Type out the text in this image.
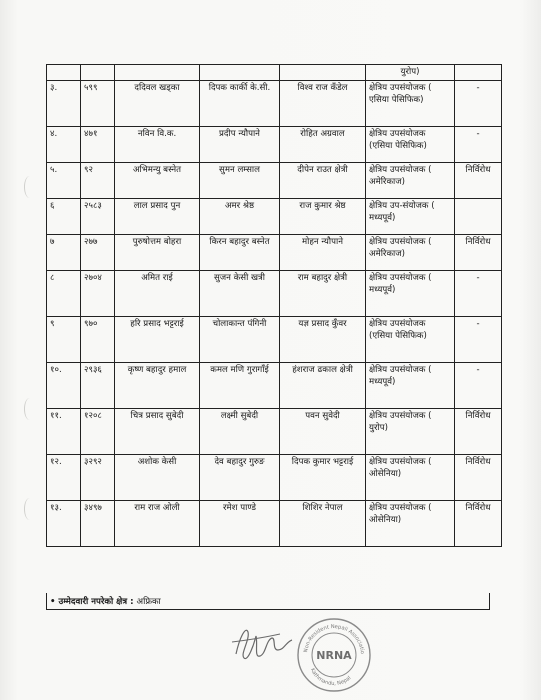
					युरोप)	
३.	५९९	ददिवल खड्का	दिपक कार्की के.सी.	विश्व राज कँडेल	क्षेत्रिय उपसंयोजक ( एसिया पेसिफिक)	-
४.	४७१	नविन वि.क.	प्रदीप न्यौपाने	रोहित अग्रवाल	क्षेत्रिय उपसंयोजक (एसिया पेसिफिक)	-
५.	९२	अभिमन्यु बस्नेत	सुमन लम्साल	दीपेन राउत क्षेत्री	क्षेत्रिय उपसंयोजक ( अमेरिकाज)	निर्विरोध
६	२५८३	लाल प्रसाद पुन	अमर श्रेष्ठ	राज कुमार श्रेष्ठ	क्षेत्रिय उप-संयोजक ( मध्यपूर्व)	
७	२७७	पुरुषोत्तम बोहरा	किरन बहादुर बस्नेत	मोहन न्यौपाने	क्षेत्रिय उपसंयोजक ( अमेरिकाज)	निर्विरोध
८	२७०४	अमित राई	सुजन केसी खत्री	राम बहादुर क्षेत्री	क्षेत्रिय उपसंयोजक ( मध्यपूर्व)	-
९	९७०	हरि प्रसाद भट्टराई	चोलाकान्त पंगिनी	यज्ञ प्रसाद कुँवर	क्षेत्रिय उपसंयोजक (एसिया पेसिफिक)	-
१०.	२९३६	कृष्ण बहादुर हमाल	कमल मणि गुरागाँई	हंशराज ढकाल क्षेत्री	क्षेत्रिय उपसंयोजक ( मध्यपूर्व)	-
११.	१२०८	चित्र प्रसाद सुबेदी	लक्ष्मी सुबेदी	पवन सुवेदी	क्षेत्रिय उपसंयोजक ( युरोप)	निर्विरोध
१२.	३२९२	अशोक केसी	देव बहादुर गुरुङ	दिपक कुमार भट्टराई	क्षेत्रिय उपसंयोजक ( ओसेनिया)	निर्विरोध
१३.	३४९७	राम राज ओली	रमेश पाण्डे	शिशिर नेपाल	क्षेत्रिय उपसंयोजक ( ओसेनिया)	निर्विरोध
• उम्मेदवारी नपरेको क्षेत्र : अफ्रिका
Non-Resident Nepali Associatio
Kathmandu, Nepal
NRNA
